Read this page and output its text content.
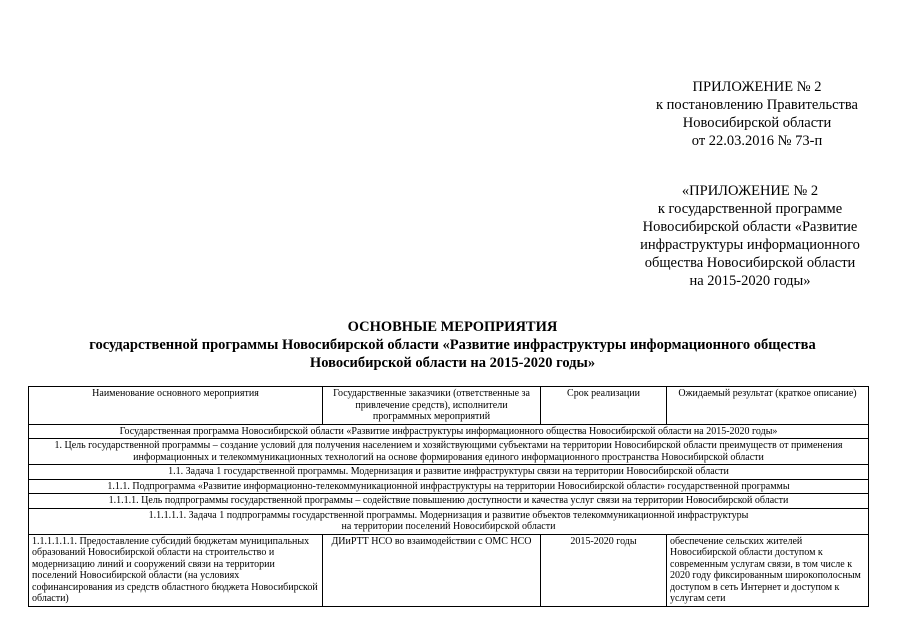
ПРИЛОЖЕНИЕ № 2
к постановлению Правительства
Новосибирской области
от 22.03.2016 № 73-п
«ПРИЛОЖЕНИЕ № 2
к государственной программе
Новосибирской области «Развитие
инфраструктуры информационного
общества Новосибирской области
на 2015-2020 годы»
ОСНОВНЫЕ МЕРОПРИЯТИЯ
государственной программы Новосибирской области «Развитие инфраструктуры информационного общества
Новосибирской области на 2015-2020 годы»
Наименование основного мероприятия	Государственные заказчики (ответственные за привлечение средств), исполнители программных мероприятий	Срок реализации	Ожидаемый результат (краткое описание)
Государственная программа Новосибирской области «Развитие инфраструктуры информационного общества Новосибирской области на 2015-2020 годы»			
1. Цель государственной программы – создание условий для получения населением и хозяйствующими субъектами на территории Новосибирской области преимуществ от применения информационных и телекоммуникационных технологий на основе формирования единого информационного пространства Новосибирской области			
1.1. Задача 1 государственной программы. Модернизация и развитие инфраструктуры связи на территории Новосибирской области			
1.1.1. Подпрограмма «Развитие информационно-телекоммуникационной инфраструктуры на территории Новосибирской области» государственной программы			
1.1.1.1. Цель подпрограммы государственной программы – содействие повышению доступности и качества услуг связи на территории Новосибирской области			

1.1.1.1.1. Задача 1 подпрограммы государственной программы. Модернизация и развитие объектов телекоммуникационной инфраструктуры
на территории поселений Новосибирской области			

1.1.1.1.1.1. Предоставление субсидий бюджетам муниципальных образований Новосибирской области на строительство и модернизацию линий и сооружений связи на территории поселений Новосибирской области (на условиях софинансирования из средств областного бюджета Новосибирской области)	ДИиРТТ НСО во взаимодействии с ОМС НСО	2015-2020 годы	обеспечение сельских жителей Новосибирской области доступом к современным услугам связи, в том числе к 2020 году фиксированным широкополосным доступом в сеть Интернет и доступом к услугам сети
